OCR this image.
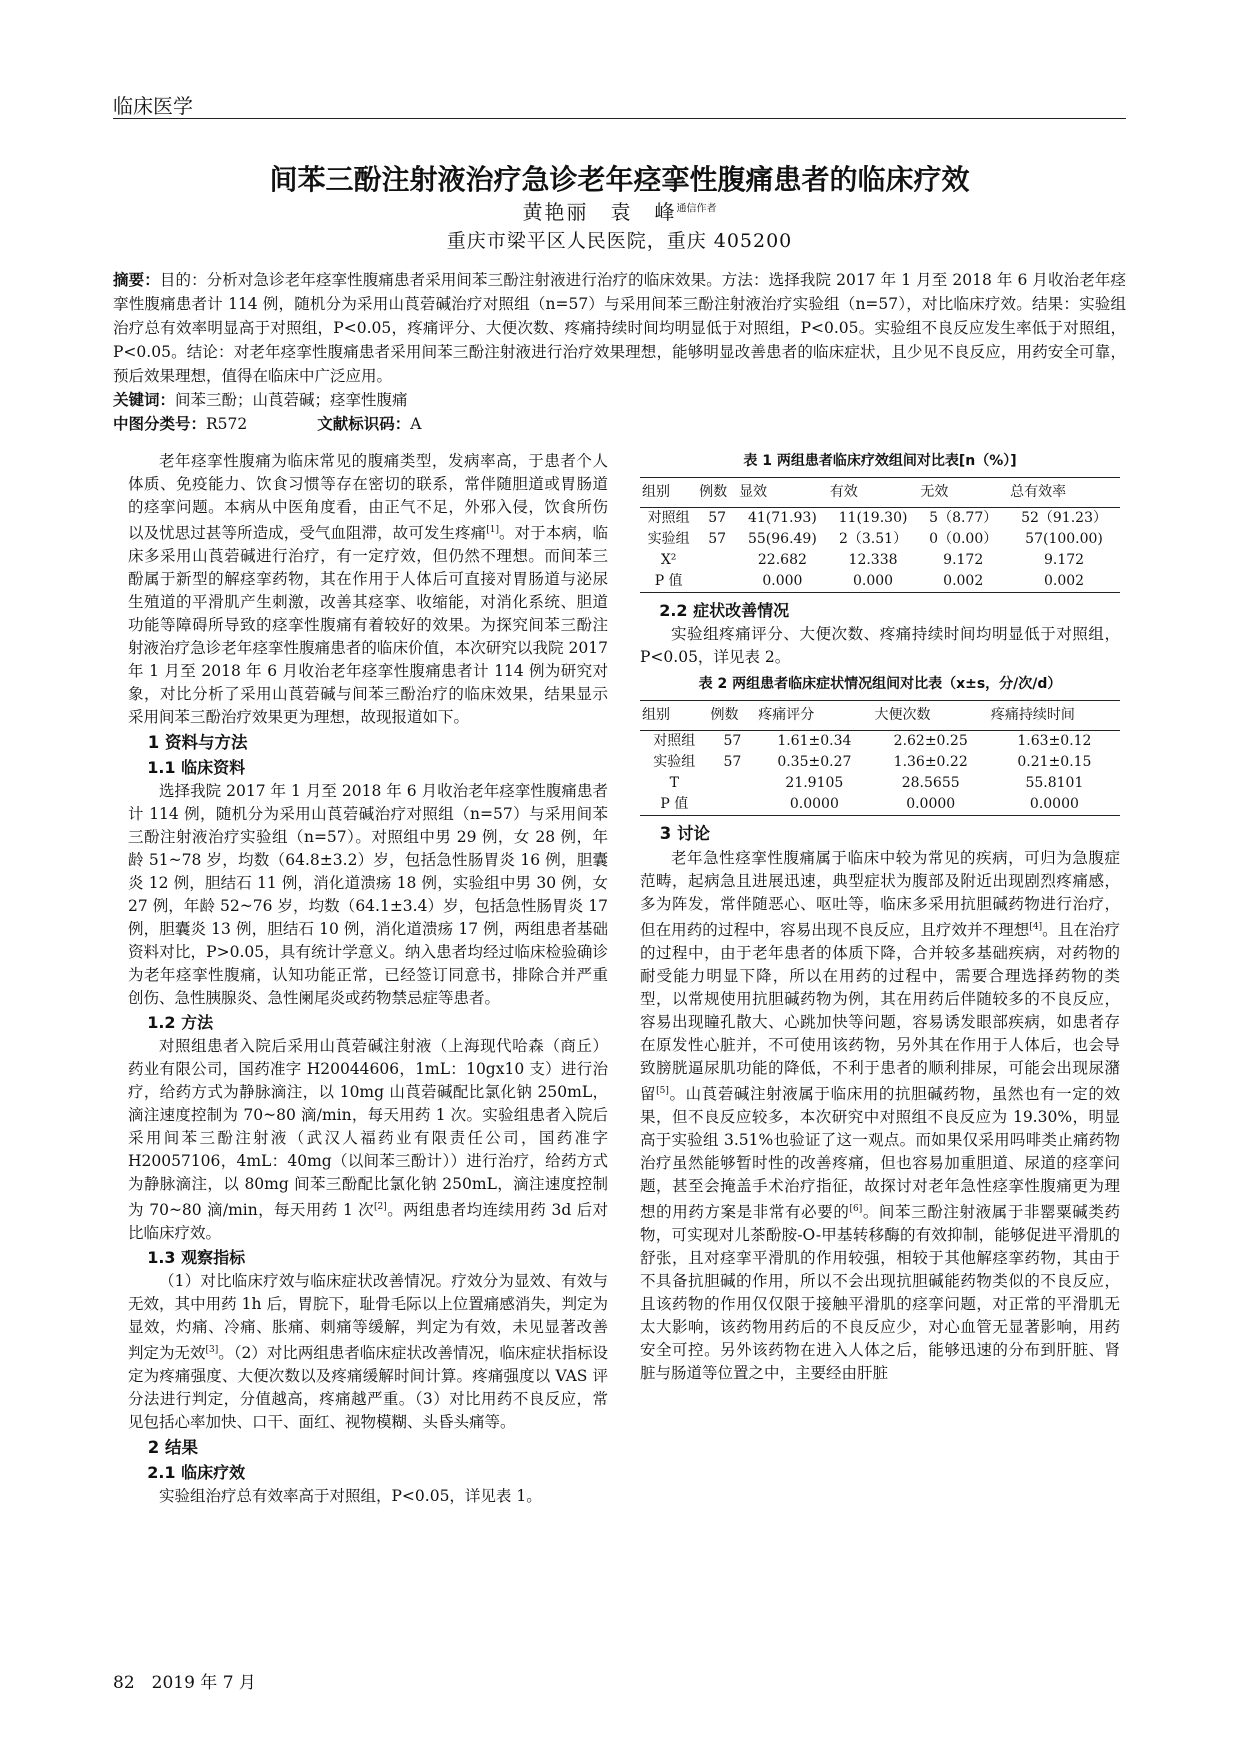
临床医学
间苯三酚注射液治疗急诊老年痉挛性腹痛患者的临床疗效
黄艳丽　袁　峰$^{通信作者}$
重庆市梁平区人民医院，重庆 405200
摘要：目的：分析对急诊老年痉挛性腹痛患者采用间苯三酚注射液进行治疗的临床效果。方法：选择我院 2017 年 1 月至 2018 年 6 月收治老年痉挛性腹痛患者计 114 例，随机分为采用山莨菪碱治疗对照组（n=57）与采用间苯三酚注射液治疗实验组（n=57），对比临床疗效。结果：实验组治疗总有效率明显高于对照组，P<0.05，疼痛评分、大便次数、疼痛持续时间均明显低于对照组，P<0.05。实验组不良反应发生率低于对照组，P<0.05。结论：对老年痉挛性腹痛患者采用间苯三酚注射液进行治疗效果理想，能够明显改善患者的临床症状，且少见不良反应，用药安全可靠，预后效果理想，值得在临床中广泛应用。
关键词：间苯三酚；山莨菪碱；痉挛性腹痛
中图分类号：R572	文献标识码：A

老年痉挛性腹痛为临床常见的腹痛类型，发病率高，于患者个人体质、免疫能力、饮食习惯等存在密切的联系，常伴随胆道或胃肠道的痉挛问题。本病从中医角度看，由正气不足，外邪入侵，饮食所伤以及忧思过甚等所造成，受气血阻滞，故可发生疼痛[1]。对于本病，临床多采用山莨菪碱进行治疗，有一定疗效，但仍然不理想。而间苯三酚属于新型的解痉挛药物，其在作用于人体后可直接对胃肠道与泌尿生殖道的平滑肌产生刺激，改善其痉挛、收缩能，对消化系统、胆道功能等障碍所导致的痉挛性腹痛有着较好的效果。为探究间苯三酚注射液治疗急诊老年痉挛性腹痛患者的临床价值，本次研究以我院 2017 年 1 月至 2018 年 6 月收治老年痉挛性腹痛患者计 114 例为研究对象，对比分析了采用山莨菪碱与间苯三酚治疗的临床效果，结果显示采用间苯三酚治疗效果更为理想，故现报道如下。

1 资料与方法
1.1 临床资料

选择我院 2017 年 1 月至 2018 年 6 月收治老年痉挛性腹痛患者计 114 例，随机分为采用山莨菪碱治疗对照组（n=57）与采用间苯三酚注射液治疗实验组（n=57）。对照组中男 29 例，女 28 例，年龄 51~78 岁，均数（64.8±3.2）岁，包括急性肠胃炎 16 例，胆囊炎 12 例，胆结石 11 例，消化道溃疡 18 例，实验组中男 30 例，女 27 例，年龄 52~76 岁，均数（64.1±3.4）岁，包括急性肠胃炎 17 例，胆囊炎 13 例，胆结石 10 例，消化道溃疡 17 例，两组患者基础资料对比，P>0.05，具有统计学意义。纳入患者均经过临床检验确诊为老年痉挛性腹痛，认知功能正常，已经签订同意书，排除合并严重创伤、急性胰腺炎、急性阑尾炎或药物禁忌症等患者。

1.2 方法

对照组患者入院后采用山莨菪碱注射液（上海现代哈森（商丘）药业有限公司，国药准字 H20044606，1mL：10gx10 支）进行治疗，给药方式为静脉滴注，以 10mg 山莨菪碱配比氯化钠 250mL，滴注速度控制为 70~80 滴/min，每天用药 1 次。实验组患者入院后采用间苯三酚注射液（武汉人福药业有限责任公司，国药准字 H20057106，4mL：40mg（以间苯三酚计））进行治疗，给药方式为静脉滴注，以 80mg 间苯三酚配比氯化钠 250mL，滴注速度控制为 70~80 滴/min，每天用药 1 次[2]。两组患者均连续用药 3d 后对比临床疗效。

1.3 观察指标

（1）对比临床疗效与临床症状改善情况。疗效分为显效、有效与无效，其中用药 1h 后，胃脘下，耻骨毛际以上位置痛感消失，判定为显效，灼痛、冷痛、胀痛、刺痛等缓解，判定为有效，未见显著改善判定为无效[3]。（2）对比两组患者临床症状改善情况，临床症状指标设定为疼痛强度、大便次数以及疼痛缓解时间计算。疼痛强度以 VAS 评分法进行判定，分值越高，疼痛越严重。（3）对比用药不良反应，常见包括心率加快、口干、面红、视物模糊、头昏头痛等。

2 结果
2.1 临床疗效

实验组治疗总有效率高于对照组，P<0.05，详见表 1。

表 1 两组患者临床疗效组间对比表[n（%）]
组别	例数	显效	有效	无效	总有效率
对照组	57	41(71.93)	11(19.30)	5（8.77）	52（91.23）
实验组	57	55(96.49)	2（3.51）	0（0.00）	57(100.00)
X²		22.682	12.338	9.172	9.172
P 值		0.000	0.000	0.002	0.002
2.2 症状改善情况

实验组疼痛评分、大便次数、疼痛持续时间均明显低于对照组，P<0.05，详见表 2。

表 2 两组患者临床症状情况组间对比表（x±s，分/次/d）
组别	例数	疼痛评分	大便次数	疼痛持续时间
对照组	57	1.61±0.34	2.62±0.25	1.63±0.12
实验组	57	0.35±0.27	1.36±0.22	0.21±0.15
T		21.9105	28.5655	55.8101
P 值		0.0000	0.0000	0.0000
3 讨论

老年急性痉挛性腹痛属于临床中较为常见的疾病，可归为急腹症范畴，起病急且进展迅速，典型症状为腹部及附近出现剧烈疼痛感，多为阵发，常伴随恶心、呕吐等，临床多采用抗胆碱药物进行治疗，但在用药的过程中，容易出现不良反应，且疗效并不理想[4]。且在治疗的过程中，由于老年患者的体质下降，合并较多基础疾病，对药物的耐受能力明显下降，所以在用药的过程中，需要合理选择药物的类型，以常规使用抗胆碱药物为例，其在用药后伴随较多的不良反应，容易出现瞳孔散大、心跳加快等问题，容易诱发眼部疾病，如患者存在原发性心脏并，不可使用该药物，另外其在作用于人体后，也会导致膀胱逼尿肌功能的降低，不利于患者的顺利排尿，可能会出现尿潴留[5]。山莨菪碱注射液属于临床用的抗胆碱药物，虽然也有一定的效果，但不良反应较多，本次研究中对照组不良反应为 19.30%，明显高于实验组 3.51%也验证了这一观点。而如果仅采用吗啡类止痛药物治疗虽然能够暂时性的改善疼痛，但也容易加重胆道、尿道的痉挛问题，甚至会掩盖手术治疗指征，故探讨对老年急性痉挛性腹痛更为理想的用药方案是非常有必要的[6]。间苯三酚注射液属于非罂粟碱类药物，可实现对儿茶酚胺-O-甲基转移酶的有效抑制，能够促进平滑肌的舒张，且对痉挛平滑肌的作用较强，相较于其他解痉挛药物，其由于不具备抗胆碱的作用，所以不会出现抗胆碱能药物类似的不良反应，且该药物的作用仅仅限于接触平滑肌的痉挛问题，对正常的平滑肌无太大影响，该药物用药后的不良反应少，对心血管无显著影响，用药安全可控。另外该药物在进入人体之后，能够迅速的分布到肝脏、肾脏与肠道等位置之中，主要经由肝脏

82　 2019 年 7 月
